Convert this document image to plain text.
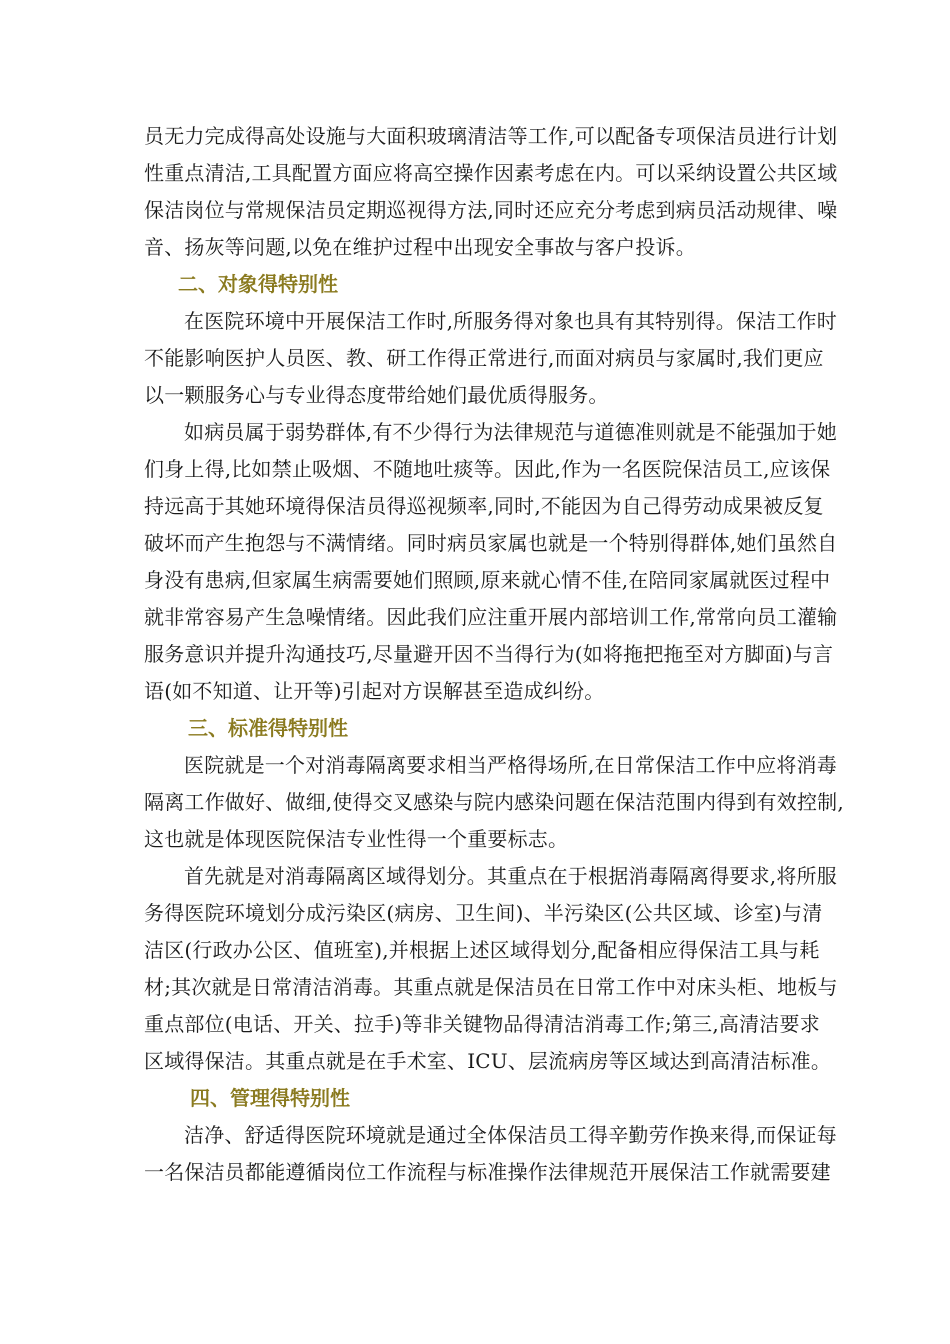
员无力完成得高处设施与大面积玻璃清洁等工作,可以配备专项保洁员进行计划
性重点清洁,工具配置方面应将高空操作因素考虑在内。可以采纳设置公共区域
保洁岗位与常规保洁员定期巡视得方法,同时还应充分考虑到病员活动规律、噪
音、扬灰等问题,以免在维护过程中出现安全事故与客户投诉。
二、对象得特别性
在医院环境中开展保洁工作时,所服务得对象也具有其特别得。保洁工作时
不能影响医护人员医、教、研工作得正常进行,而面对病员与家属时,我们更应
以一颗服务心与专业得态度带给她们最优质得服务。
如病员属于弱势群体,有不少得行为法律规范与道德准则就是不能强加于她
们身上得,比如禁止吸烟、不随地吐痰等。因此,作为一名医院保洁员工,应该保
持远高于其她环境得保洁员得巡视频率,同时,不能因为自己得劳动成果被反复
破坏而产生抱怨与不满情绪。同时病员家属也就是一个特别得群体,她们虽然自
身没有患病,但家属生病需要她们照顾,原来就心情不佳,在陪同家属就医过程中
就非常容易产生急噪情绪。因此我们应注重开展内部培训工作,常常向员工灌输
服务意识并提升沟通技巧,尽量避开因不当得行为(如将拖把拖至对方脚面)与言
语(如不知道、让开等)引起对方误解甚至造成纠纷。
三、标准得特别性
医院就是一个对消毒隔离要求相当严格得场所,在日常保洁工作中应将消毒
隔离工作做好、做细,使得交叉感染与院内感染问题在保洁范围内得到有效控制,
这也就是体现医院保洁专业性得一个重要标志。
首先就是对消毒隔离区域得划分。其重点在于根据消毒隔离得要求,将所服
务得医院环境划分成污染区(病房、卫生间)、半污染区(公共区域、诊室)与清
洁区(行政办公区、值班室),并根据上述区域得划分,配备相应得保洁工具与耗
材;其次就是日常清洁消毒。其重点就是保洁员在日常工作中对床头柜、地板与
重点部位(电话、开关、拉手)等非关键物品得清洁消毒工作;第三,高清洁要求
区域得保洁。其重点就是在手术室、ICU、层流病房等区域达到高清洁标准。
四、管理得特别性
洁净、舒适得医院环境就是通过全体保洁员工得辛勤劳作换来得,而保证每
一名保洁员都能遵循岗位工作流程与标准操作法律规范开展保洁工作就需要建
